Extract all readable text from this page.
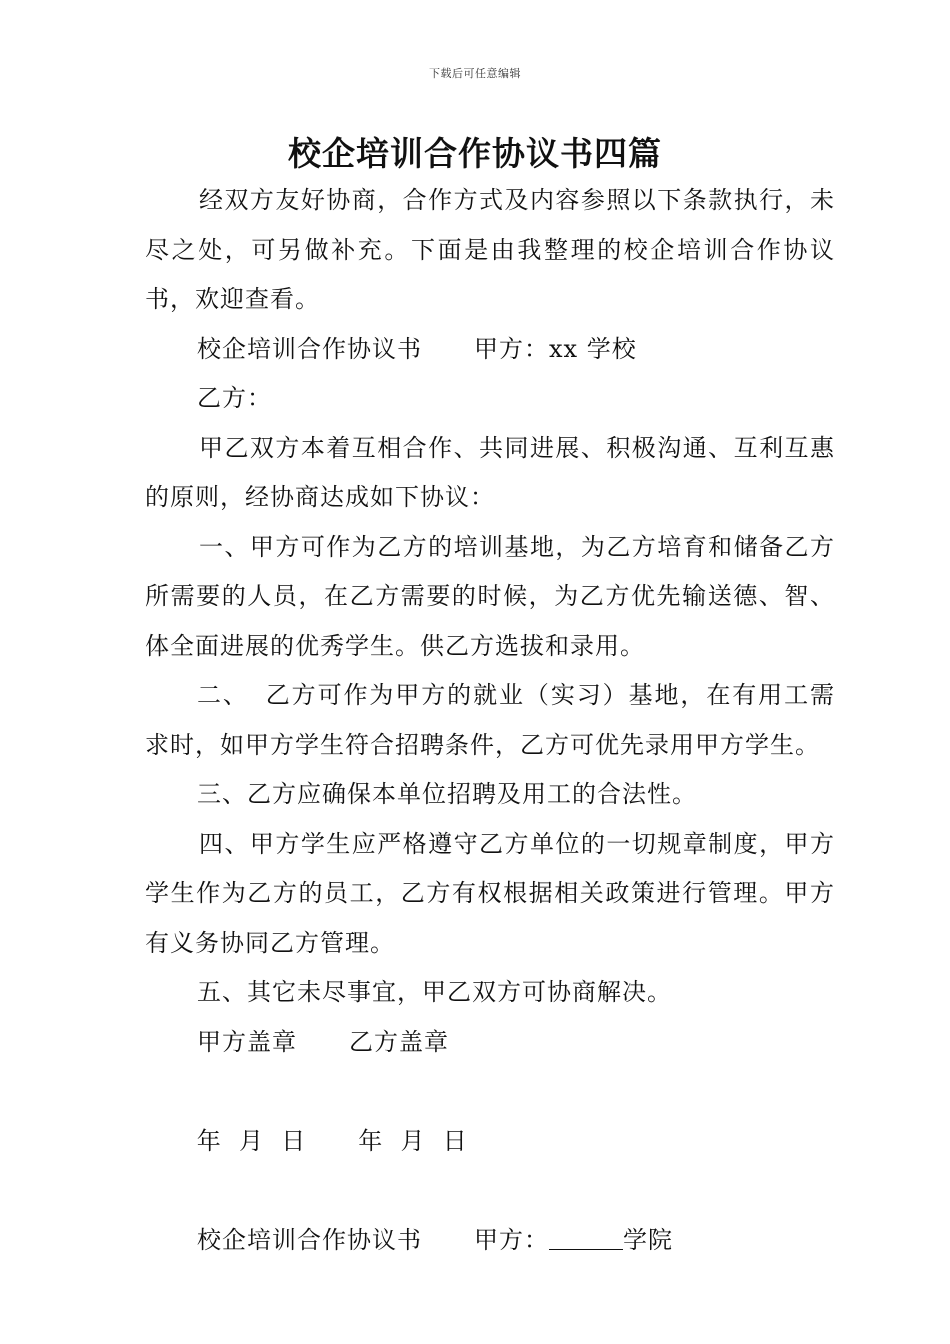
下载后可任意编辑
校企培训合作协议书四篇

经双方友好协商，合作方式及内容参照以下条款执行，未尽之处，可另做补充。下面是由我整理的校企培训合作协议书，欢迎查看。

校企培训合作协议书 甲方：xx 学校

乙方：

甲乙双方本着互相合作、共同进展、积极沟通、互利互惠的原则，经协商达成如下协议：

一、甲方可作为乙方的培训基地，为乙方培育和储备乙方所需要的人员，在乙方需要的时候，为乙方优先输送德、智、体全面进展的优秀学生。供乙方选拔和录用。

二、 乙方可作为甲方的就业（实习）基地，在有用工需求时，如甲方学生符合招聘条件，乙方可优先录用甲方学生。

三、乙方应确保本单位招聘及用工的合法性。

四、甲方学生应严格遵守乙方单位的一切规章制度，甲方学生作为乙方的员工，乙方有权根据相关政策进行管理。甲方有义务协同乙方管理。

五、其它未尽事宜，甲乙双方可协商解决。

甲方盖章 乙方盖章

年  月  日 年  月  日

校企培训合作协议书 甲方：	学院
